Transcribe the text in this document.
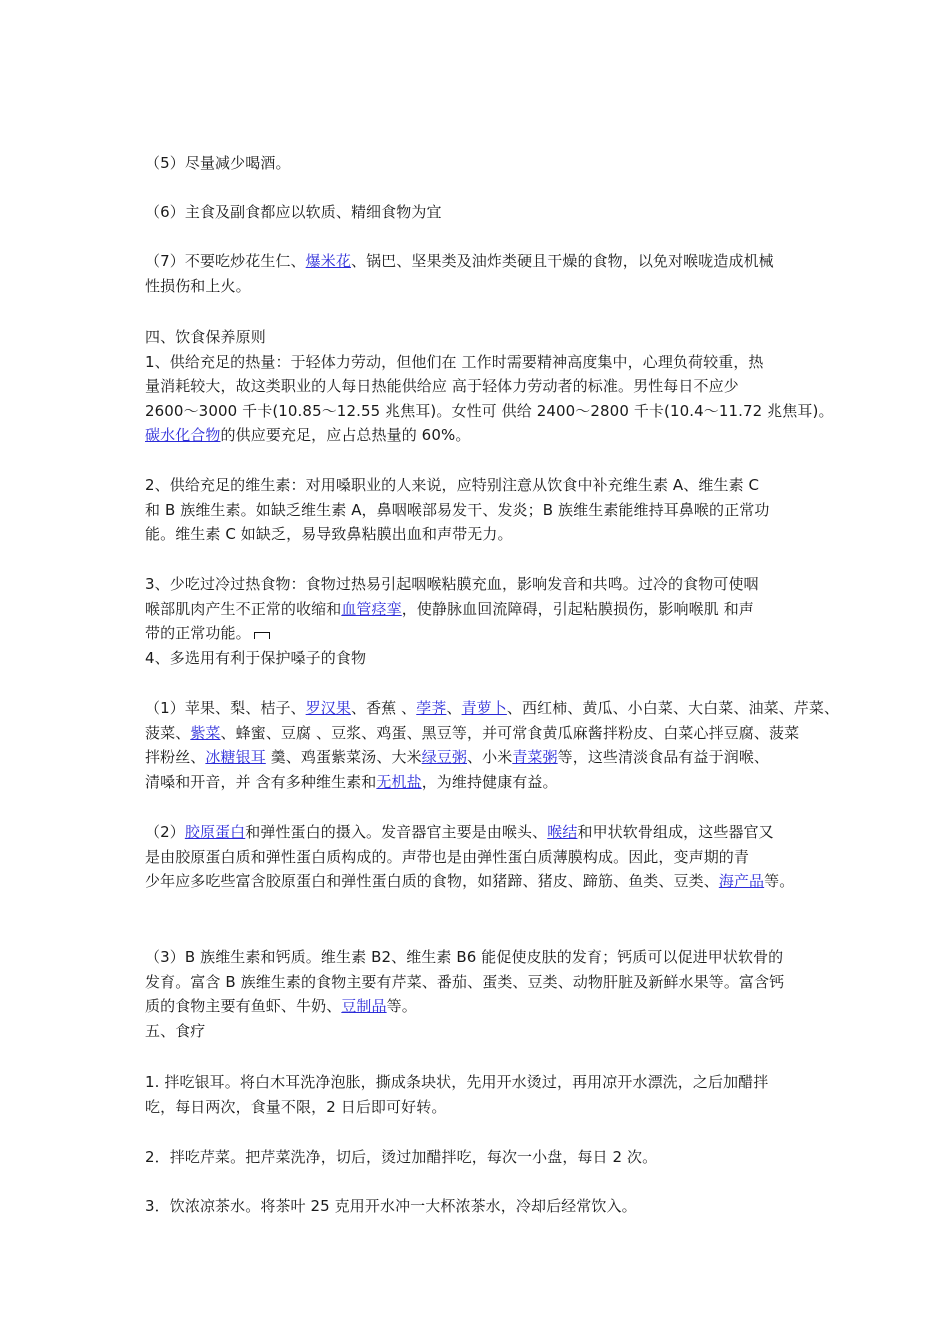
（5）尽量减少喝酒。

（6）主食及副食都应以软质、精细食物为宜

（7）不要吃炒花生仁、爆米花、锅巴、坚果类及油炸类硬且干燥的食物，以免对喉咙造成机械
性损伤和上火。

四、饮食保养原则
1、供给充足的热量：于轻体力劳动，但他们在 工作时需要精神高度集中，心理负荷较重，热
量消耗较大，故这类职业的人每日热能供给应 高于轻体力劳动者的标准。男性每日不应少
2600～3000 千卡(10.85～12.55 兆焦耳)。女性可 供给 2400～2800 千卡(10.4～11.72 兆焦耳)。
碳水化合物的供应要充足，应占总热量的 60%。

2、供给充足的维生素：对用嗓职业的人来说，应特别注意从饮食中补充维生素 A、维生素 C
和 B 族维生素。如缺乏维生素 A，鼻咽喉部易发干、发炎；B 族维生素能维持耳鼻喉的正常功
能。维生素 C 如缺乏，易导致鼻粘膜出血和声带无力。

3、少吃过冷过热食物：食物过热易引起咽喉粘膜充血，影响发音和共鸣。过冷的食物可使咽
喉部肌肉产生不正常的收缩和血管痉挛，使静脉血回流障碍，引起粘膜损伤，影响喉肌 和声
带的正常功能。
4、多选用有利于保护嗓子的食物

（1）苹果、梨、桔子、罗汉果、香蕉 、荸荠、青萝卜、西红柿、黄瓜、小白菜、大白菜、油菜、芹菜、
菠菜、紫菜、蜂蜜、豆腐 、豆浆、鸡蛋、黑豆等，并可常食黄瓜麻酱拌粉皮、白菜心拌豆腐、菠菜
拌粉丝、冰糖银耳 羹、鸡蛋紫菜汤、大米绿豆粥、小米青菜粥等，这些清淡食品有益于润喉、
清嗓和开音，并 含有多种维生素和无机盐，为维持健康有益。

（2）胶原蛋白和弹性蛋白的摄入。发音器官主要是由喉头、喉结和甲状软骨组成，这些器官又
是由胶原蛋白质和弹性蛋白质构成的。声带也是由弹性蛋白质薄膜构成。因此，变声期的青
少年应多吃些富含胶原蛋白和弹性蛋白质的食物，如猪蹄、猪皮、蹄筋、鱼类、豆类、海产品等。

（3）B 族维生素和钙质。维生素 B2、维生素 B6 能促使皮肤的发育；钙质可以促进甲状软骨的
发育。富含 B 族维生素的食物主要有芹菜、番茄、蛋类、豆类、动物肝脏及新鲜水果等。富含钙
质的食物主要有鱼虾、牛奶、豆制品等。
五、食疗

1. 拌吃银耳。将白木耳洗净泡胀，撕成条块状，先用开水烫过，再用凉开水漂洗，之后加醋拌
吃，每日两次，食量不限，2 日后即可好转。

2．拌吃芹菜。把芹菜洗净，切后，烫过加醋拌吃，每次一小盘，每日 2 次。

3．饮浓凉茶水。将茶叶 25 克用开水冲一大杯浓茶水，冷却后经常饮入。
